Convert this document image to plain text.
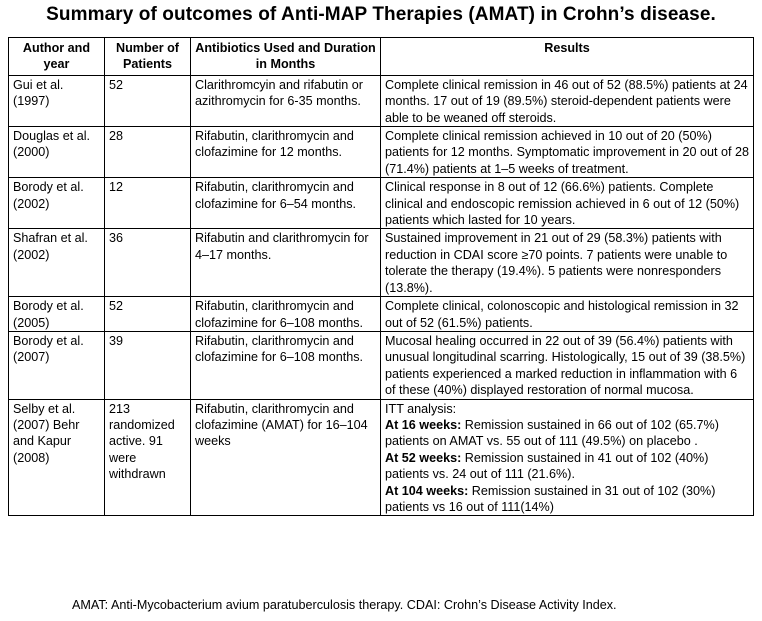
Summary of outcomes of Anti-MAP Therapies (AMAT) in Crohn’s disease.
Author and year	Number of Patients	Antibiotics Used and Duration in Months	Results
Gui et al. (1997)	52	Clarithromcyin and rifabutin or azithromycin for 6-35 months.	Complete clinical remission in 46 out of 52 (88.5%) patients at 24 months. 17 out of 19 (89.5%) steroid-dependent patients were able to be weaned off steroids.
Douglas et al. (2000)	28	Rifabutin, clarithromycin and clofazimine for 12 months.	Complete clinical remission achieved in 10 out of 20 (50%) patients for 12 months. Symptomatic improvement in 20 out of 28 (71.4%) patients at 1–5 weeks of treatment.
Borody et al. (2002)	12	Rifabutin, clarithromycin and clofazimine for 6–54 months.	Clinical response in 8 out of 12 (66.6%) patients. Complete clinical and endoscopic remission achieved in 6 out of 12 (50%) patients which lasted for 10 years.
Shafran et al. (2002)	36	Rifabutin and clarithromycin for 4–17 months.	Sustained improvement in 21 out of 29 (58.3%) patients with reduction in CDAI score ≥70 points. 7 patients were unable to tolerate the therapy (19.4%). 5 patients were nonresponders (13.8%).
Borody et al. (2005)	52	Rifabutin, clarithromycin and clofazimine for 6–108 months.	Complete clinical, colonoscopic and histological remission in 32 out of 52 (61.5%) patients.
Borody et al. (2007)	39	Rifabutin, clarithromycin and clofazimine for 6–108 months.	Mucosal healing occurred in 22 out of 39 (56.4%) patients with unusual longitudinal scarring. Histologically, 15 out of 39 (38.5%) patients experienced a marked reduction in inflammation with 6 of these (40%) displayed restoration of normal mucosa.
Selby et al. (2007) Behr and Kapur (2008)	213 randomized active. 91 were withdrawn	Rifabutin, clarithromycin and clofazimine (AMAT) for 16–104 weeks	ITT analysis:
At 16 weeks: Remission sustained in 66 out of 102 (65.7%) patients on AMAT vs. 55 out of 111 (49.5%) on placebo .
At 52 weeks: Remission sustained in 41 out of 102 (40%) patients vs. 24 out of 111 (21.6%).
At 104 weeks: Remission sustained in 31 out of 102 (30%) patients vs 16 out of 111(14%)
AMAT: Anti-Mycobacterium avium paratuberculosis therapy. CDAI: Crohn’s Disease Activity Index.
